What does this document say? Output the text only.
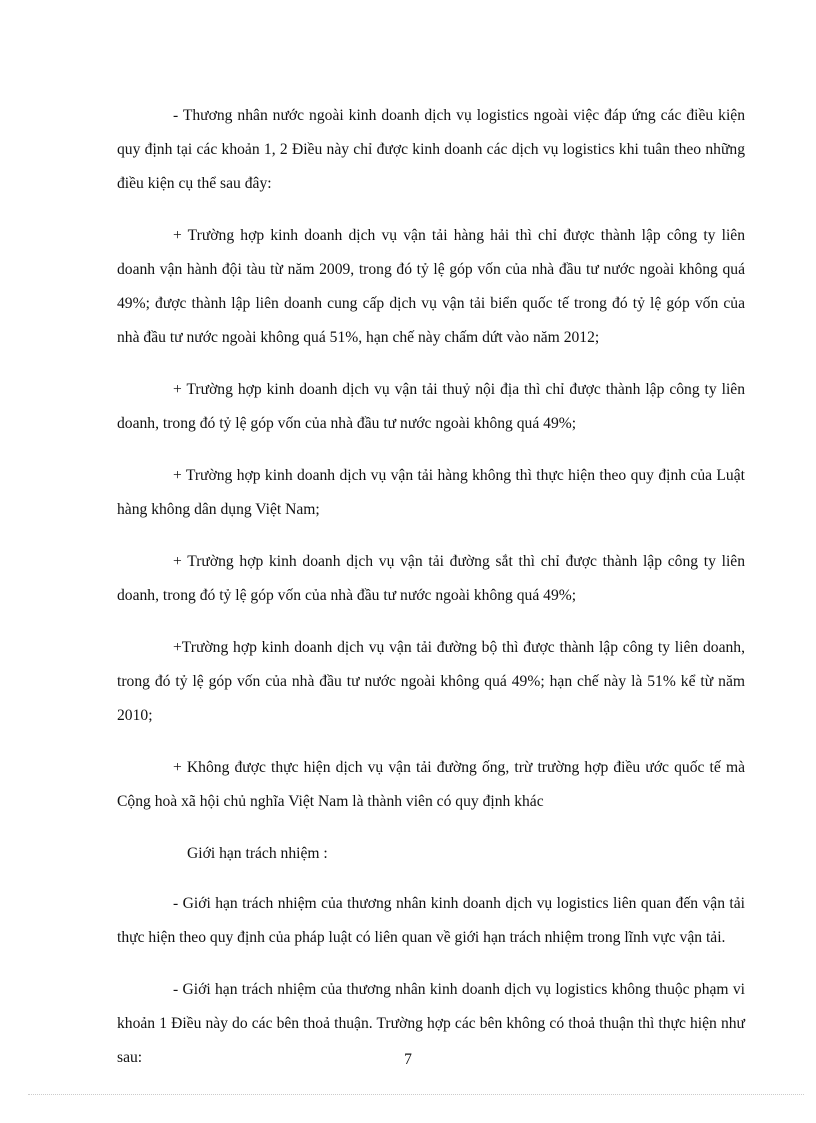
- Thương nhân nước ngoài kinh doanh dịch vụ logistics ngoài việc đáp ứng các điều kiện quy định tại các khoản 1, 2 Điều này chỉ được kinh doanh các dịch vụ logistics khi tuân theo những điều kiện cụ thể sau đây:

+ Trường hợp kinh doanh dịch vụ vận tải hàng hải thì chỉ được thành lập công ty liên doanh vận hành đội tàu từ năm 2009, trong đó tỷ lệ góp vốn của nhà đầu tư nước ngoài không quá 49%; được thành lập liên doanh cung cấp dịch vụ vận tải biển quốc tế trong đó tỷ lệ góp vốn của nhà đầu tư nước ngoài không quá 51%, hạn chế này chấm dứt vào năm 2012;

+ Trường hợp kinh doanh dịch vụ vận tải thuỷ nội địa thì chỉ được thành lập công ty liên doanh, trong đó tỷ lệ góp vốn của nhà đầu tư nước ngoài không quá 49%;

+ Trường hợp kinh doanh dịch vụ vận tải hàng không thì thực hiện theo quy định của Luật hàng không dân dụng Việt Nam;

+ Trường hợp kinh doanh dịch vụ vận tải đường sắt thì chỉ được thành lập công ty liên doanh, trong đó tỷ lệ góp vốn của nhà đầu tư nước ngoài không quá 49%;

+Trường hợp kinh doanh dịch vụ vận tải đường bộ thì được thành lập công ty liên doanh, trong đó tỷ lệ góp vốn của nhà đầu tư nước ngoài không quá 49%; hạn chế này là 51% kể từ năm 2010;

+ Không được thực hiện dịch vụ vận tải đường ống, trừ trường hợp điều ước quốc tế mà Cộng hoà xã hội chủ nghĩa Việt Nam là thành viên có quy định khác

Giới hạn trách nhiệm :

- Giới hạn trách nhiệm của thương nhân kinh doanh dịch vụ logistics liên quan đến vận tải thực hiện theo quy định của pháp luật có liên quan về giới hạn trách nhiệm trong lĩnh vực vận tải.

- Giới hạn trách nhiệm của thương nhân kinh doanh dịch vụ logistics không thuộc phạm vi khoản 1 Điều này do các bên thoả thuận. Trường hợp các bên không có thoả thuận thì thực hiện như sau:	7
